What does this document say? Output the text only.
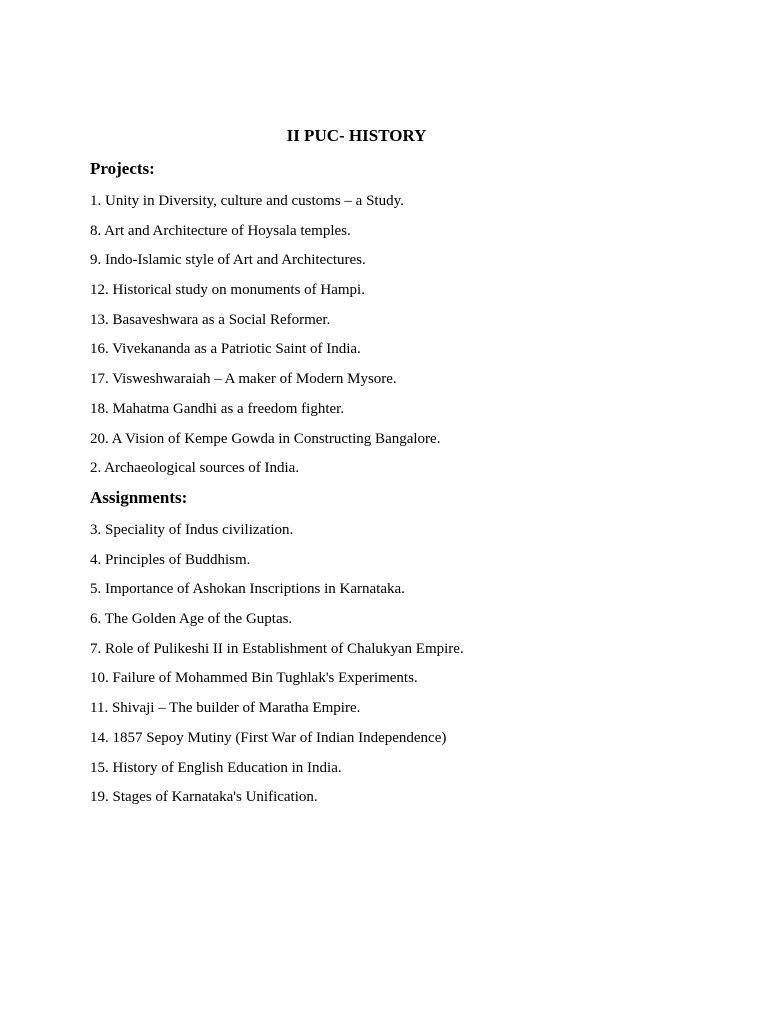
II PUC- HISTORY
Projects:
1. Unity in Diversity, culture and customs – a Study.
8. Art and Architecture of Hoysala temples.
9. Indo-Islamic style of Art and Architectures.
12. Historical study on monuments of Hampi.
13. Basaveshwara as a Social Reformer.
16. Vivekananda as a Patriotic Saint of India.
17. Visweshwaraiah – A maker of Modern Mysore.
18. Mahatma Gandhi as a freedom fighter.
20. A Vision of Kempe Gowda in Constructing Bangalore.
2. Archaeological sources of India.
Assignments:
3. Speciality of Indus civilization.
4. Principles of Buddhism.
5. Importance of Ashokan Inscriptions in Karnataka.
6. The Golden Age of the Guptas.
7. Role of Pulikeshi II in Establishment of Chalukyan Empire.
10. Failure of Mohammed Bin Tughlak's Experiments.
11. Shivaji – The builder of Maratha Empire.
14. 1857 Sepoy Mutiny (First War of Indian Independence)
15. History of English Education in India.
19. Stages of Karnataka's Unification.
